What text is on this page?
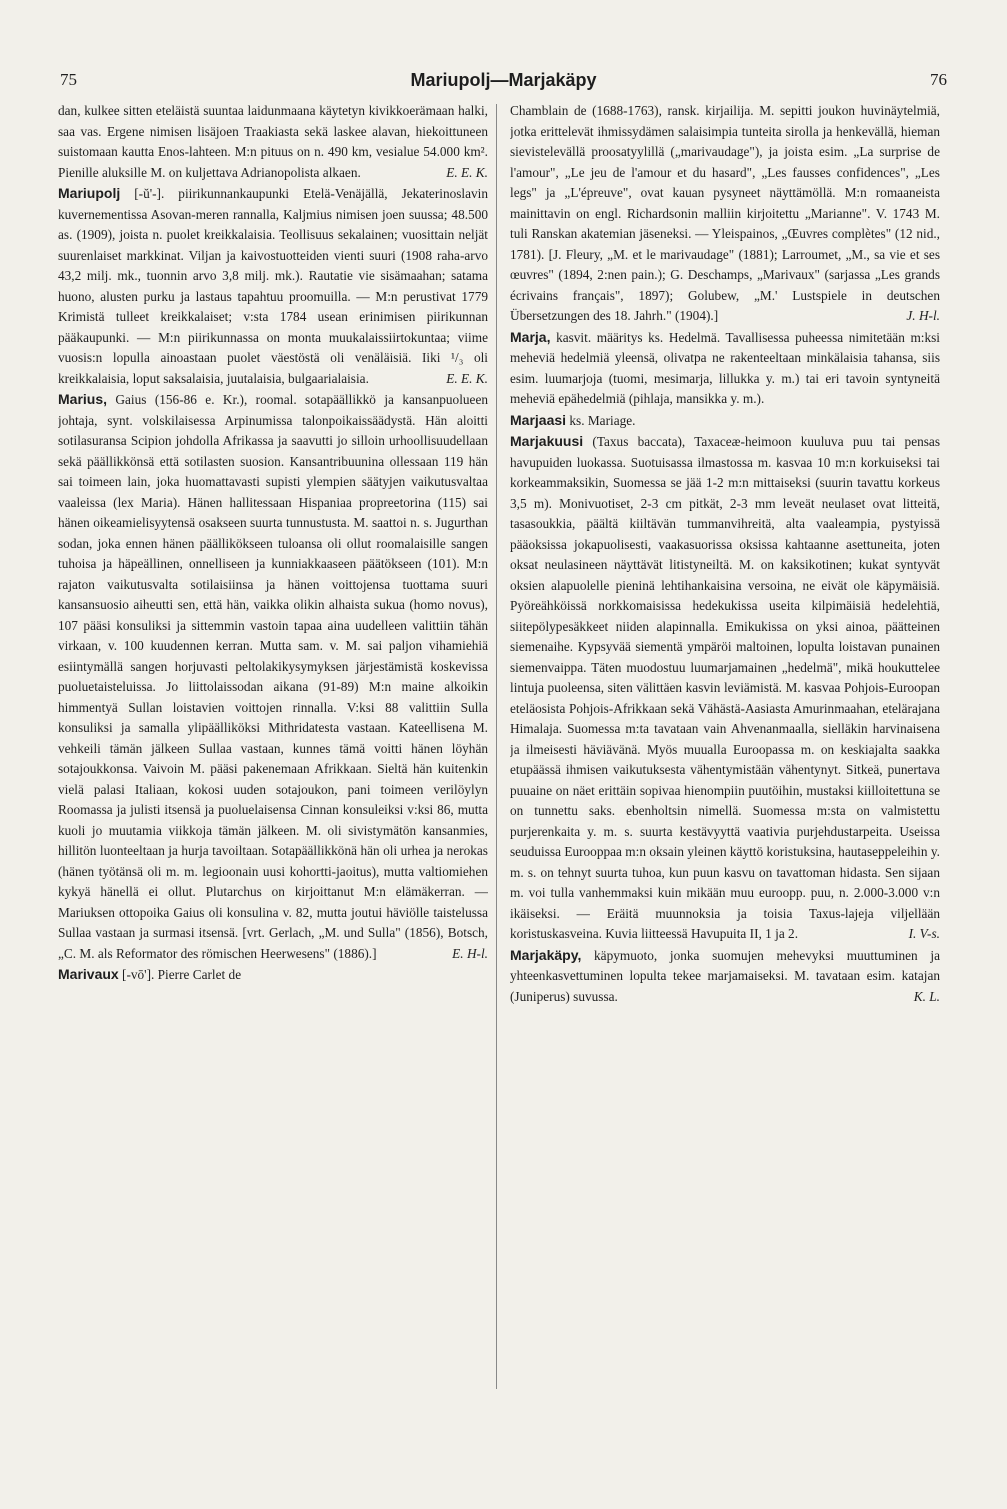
75	Mariupolj—Marjakäpy	76

dan, kulkee sitten eteläistä suuntaa laidunmaana käytetyn kivikkoerämaan halki, saa vas. Ergene nimisen lisäjoen Traakiasta sekä laskee alavan, hiekoittuneen suistomaan kautta Enos-lahteen. M:n pituus on n. 490 km, vesialue 54.000 km². Pienille aluksille M. on kuljettava Adrianopolista alkaen.	E. E. K.

Mariupolj [-ŭ'-]. piirikunnankaupunki Etelä-Venäjällä, Jekaterinoslavin kuvernementissa Asovan-meren rannalla, Kaljmius nimisen joen suussa; 48.500 as. (1909), joista n. puolet kreikkalaisia. Teollisuus sekalainen; vuosittain neljät suurenlaiset markkinat. Viljan ja kaivostuotteiden vienti suuri (1908 raha-arvo 43,2 milj. mk., tuonnin arvo 3,8 milj. mk.). Rautatie vie sisämaahan; satama huono, alusten purku ja lastaus tapahtuu proomuilla. — M:n perustivat 1779 Krimistä tulleet kreikkalaiset; v:sta 1784 usean erinimisen piirikunnan pääkaupunki. — M:n piirikunnassa on monta muukalaissiirtokuntaa; viime vuosis:n lopulla ainoastaan puolet väestöstä oli venäläisiä. Iiki ¹/₃ oli kreikkalaisia, loput saksalaisia, juutalaisia, bulgaarialaisia.	E. E. K.

Marius, Gaius (156-86 e. Kr.), roomal. sotapäällikkö ja kansanpuolueen johtaja, synt. volskilaisessa Arpinumissa talonpoikaissäädystä. Hän aloitti sotilasuransa Scipion johdolla Afrikassa ja saavutti jo silloin urhoollisuudellaan sekä päällikkönsä että sotilasten suosion. Kansantribuunina ollessaan 119 hän sai toimeen lain, joka huomattavasti supisti ylempien säätyjen vaikutusvaltaa vaaleissa (lex Maria). Hänen hallitessaan Hispaniaa propreetorina (115) sai hänen oikeamielisyytensä osakseen suurta tunnustusta. M. saattoi n. s. Jugurthan sodan, joka ennen hänen päällikökseen tuloansa oli ollut roomalaisille sangen tuhoisa ja häpeällinen, onnelliseen ja kunniakkaaseen päätökseen (101). M:n rajaton vaikutusvalta sotilaisiinsa ja hänen voittojensa tuottama suuri kansansuosio aiheutti sen, että hän, vaikka olikin alhaista sukua (homo novus), 107 pääsi konsuliksi ja sittemmin vastoin tapaa aina uudelleen valittiin tähän virkaan, v. 100 kuudennen kerran. Mutta sam. v. M. sai paljon vihamiehiä esiintymällä sangen horjuvasti peltolakikysymyksen järjestämistä koskevissa puoluetaisteluissa. Jo liittolaissodan aikana (91-89) M:n maine alkoikin himmentyä Sullan loistavien voittojen rinnalla. V:ksi 88 valittiin Sulla konsuliksi ja samalla ylipäälliköksi Mithridatesta vastaan. Kateellisena M. vehkeili tämän jälkeen Sullaa vastaan, kunnes tämä voitti hänen löyhän sotajoukkonsa. Vaivoin M. pääsi pakenemaan Afrikkaan. Sieltä hän kuitenkin vielä palasi Italiaan, kokosi uuden sotajoukon, pani toimeen verilöylyn Roomassa ja julisti itsensä ja puoluelaisensa Cinnan konsuleiksi v:ksi 86, mutta kuoli jo muutamia viikkoja tämän jälkeen. M. oli sivistymätön kansanmies, hillitön luonteeltaan ja hurja tavoiltaan. Sotapäällikkönä hän oli urhea ja nerokas (hänen työtänsä oli m. m. legioonain uusi kohortti-jaoitus), mutta valtiomiehen kykyä hänellä ei ollut. Plutarchus on kirjoittanut M:n elämäkerran. — Mariuksen ottopoika Gaius oli konsulina v. 82, mutta joutui häviölle taistelussa Sullaa vastaan ja surmasi itsensä. [vrt. Gerlach, „M. und Sulla" (1856), Botsch, „C. M. als Reformator des römischen Heerwesens" (1886).]	E. H-l.

Marivaux [-vō']. Pierre Carlet de

Chamblain de (1688-1763), ransk. kirjailija. M. sepitti joukon huvinäytelmiä, jotka erittelevät ihmissydämen salaisimpia tunteita sirolla ja henkevällä, hieman sievistelevällä proosatyylillä („marivaudage"), ja joista esim. „La surprise de l'amour", „Le jeu de l'amour et du hasard", „Les fausses confidences", „Les legs" ja „L'épreuve", ovat kauan pysyneet näyttämöllä. M:n romaaneista mainittavin on engl. Richardsonin malliin kirjoitettu „Marianne". V. 1743 M. tuli Ranskan akatemian jäseneksi. — Yleispainos, „Œuvres complètes" (12 nid., 1781). [J. Fleury, „M. et le marivaudage" (1881); Larroumet, „M., sa vie et ses œuvres" (1894, 2:nen pain.); G. Deschamps, „Marivaux" (sarjassa „Les grands écrivains français", 1897); Golubew, „M.' Lustspiele in deutschen Übersetzungen des 18. Jahrh." (1904).]	J. H-l.

Marja, kasvit. määritys ks. Hedelmä. Tavallisessa puheessa nimitetään m:ksi meheviä hedelmiä yleensä, olivatpa ne rakenteeltaan minkälaisia tahansa, siis esim. luumarjoja (tuomi, mesimarja, lillukka y. m.) tai eri tavoin syntyneitä meheviä epähedelmiä (pihlaja, mansikka y. m.).

Marjaasi ks. Mariage.

Marjakuusi (Taxus baccata), Taxaceæ-heimoon kuuluva puu tai pensas havupuiden luokassa. Suotuisassa ilmastossa m. kasvaa 10 m:n korkuiseksi tai korkeammaksikin, Suomessa se jää 1-2 m:n mittaiseksi (suurin tavattu korkeus 3,5 m). Monivuotiset, 2-3 cm pitkät, 2-3 mm leveät neulaset ovat litteitä, tasasoukkia, päältä kiiltävän tummanvihreitä, alta vaaleampia, pystyissä pääoksissa jokapuolisesti, vaakasuorissa oksissa kahtaanne asettuneita, joten oksat neulasineen näyttävät litistyneiltä. M. on kaksikotinen; kukat syntyvät oksien alapuolelle pieninä lehtihankaisina versoina, ne eivät ole käpymäisiä. Pyöreähköissä norkkomaisissa hedekukissa useita kilpimäisiä hedelehtiä, siitepölypesäkkeet niiden alapinnalla. Emikukissa on yksi ainoa, päätteinen siemenaihe. Kypsyvää siementä ympäröi maltoinen, lopulta loistavan punainen siemenvaippa. Täten muodostuu luumarjamainen „hedelmä", mikä houkuttelee lintuja puoleensa, siten välittäen kasvin leviämistä. M. kasvaa Pohjois-Euroopan eteläosista Pohjois-Afrikkaan sekä Vähästä-Aasiasta Amurinmaahan, etelärajana Himalaja. Suomessa m:ta tavataan vain Ahvenanmaalla, sielläkin harvinaisena ja ilmeisesti häviävänä. Myös muualla Euroopassa m. on keskiajalta saakka etupäässä ihmisen vaikutuksesta vähentymistään vähentynyt. Sitkeä, punertava puuaine on näet erittäin sopivaa hienompiin puutöihin, mustaksi kiilloitettuna se on tunnettu saks. ebenholtsin nimellä. Suomessa m:sta on valmistettu purjerenkaita y. m. s. suurta kestävyyttä vaativia purjehdustarpeita. Useissa seuduissa Eurooppaa m:n oksain yleinen käyttö koristuksina, hautaseppeleihin y. m. s. on tehnyt suurta tuhoa, kun puun kasvu on tavattoman hidasta. Sen sijaan m. voi tulla vanhemmaksi kuin mikään muu euroopp. puu, n. 2.000-3.000 v:n ikäiseksi. — Eräitä muunnoksia ja toisia Taxus-lajeja viljellään koristuskasveina. Kuvia liitteessä Havupuita II, 1 ja 2.	I. V-s.

Marjakäpy, käpymuoto, jonka suomujen mehevyksi muuttuminen ja yhteenkasvettuminen lopulta tekee marjamaiseksi. M. tavataan esim. katajan (Juniperus) suvussa.	K. L.
